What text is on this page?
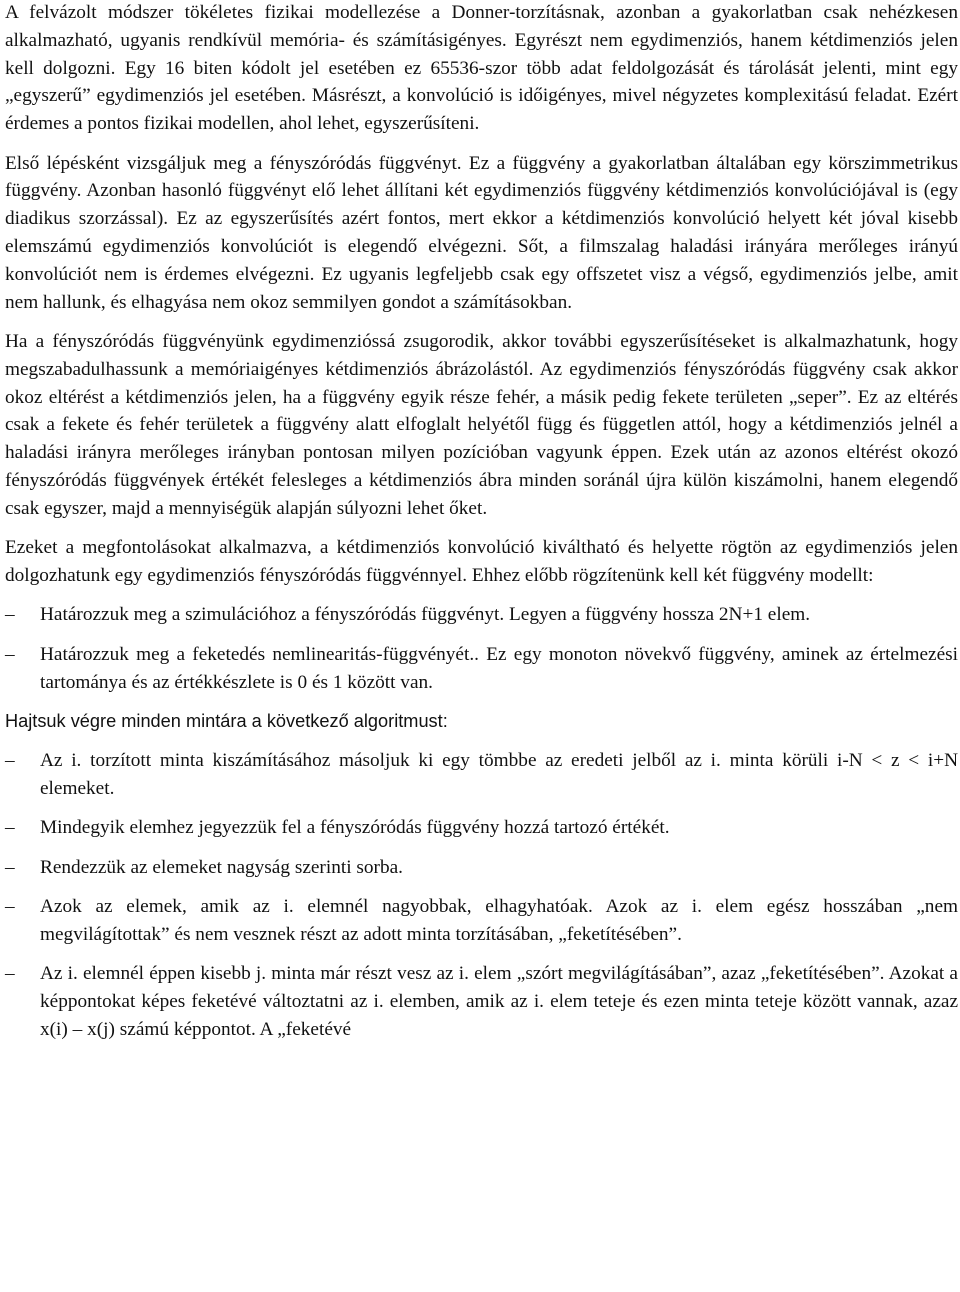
A felvázolt módszer tökéletes fizikai modellezése a Donner-torzításnak, azonban a gyakorlatban csak nehézkesen alkalmazható, ugyanis rendkívül memória- és számításigényes. Egyrészt nem egydimenziós, hanem kétdimenziós jelen kell dolgozni. Egy 16 biten kódolt jel esetében ez 65536-szor több adat feldolgozását és tárolását jelenti, mint egy „egyszerű” egydimenziós jel esetében. Másrészt, a konvolúció is időigényes, mivel négyzetes komplexitású feladat. Ezért érdemes a pontos fizikai modellen, ahol lehet, egyszerűsíteni.

Első lépésként vizsgáljuk meg a fényszóródás függvényt. Ez a függvény a gyakorlatban általában egy körszimmetrikus függvény. Azonban hasonló függvényt elő lehet állítani két egydimenziós függvény kétdimenziós konvolúciójával is (egy diadikus szorzással). Ez az egyszerűsítés azért fontos, mert ekkor a kétdimenziós konvolúció helyett két jóval kisebb elemszámú egydimenziós konvolúciót is elegendő elvégezni. Sőt, a filmszalag haladási irányára merőleges irányú konvolúciót nem is érdemes elvégezni. Ez ugyanis legfeljebb csak egy offszetet visz a végső, egydimenziós jelbe, amit nem hallunk, és elhagyása nem okoz semmilyen gondot a számításokban.

Ha a fényszóródás függvényünk egydimenzióssá zsugorodik, akkor további egyszerűsítéseket is alkalmazhatunk, hogy megszabadulhassunk a memóriaigényes kétdimenziós ábrázolástól. Az egydimenziós fényszóródás függvény csak akkor okoz eltérést a kétdimenziós jelen, ha a függvény egyik része fehér, a másik pedig fekete területen „seper”. Ez az eltérés csak a fekete és fehér területek a függvény alatt elfoglalt helyétől függ és független attól, hogy a kétdimenziós jelnél a haladási irányra merőleges irányban pontosan milyen pozícióban vagyunk éppen. Ezek után az azonos eltérést okozó fényszóródás függvények értékét felesleges a kétdimenziós ábra minden soránál újra külön kiszámolni, hanem elegendő csak egyszer, majd a mennyiségük alapján súlyozni lehet őket.

Ezeket a megfontolásokat alkalmazva, a kétdimenziós konvolúció kiváltható és helyette rögtön az egydimenziós jelen dolgozhatunk egy egydimenziós fényszóródás függvénnyel. Ehhez előbb rögzítenünk kell két függvény modellt:

–	Határozzuk meg a szimulációhoz a fényszóródás függvényt. Legyen a függvény hossza 2N+1 elem.
–	Határozzuk meg a feketedés nemlinearitás-függvényét.. Ez egy monoton növekvő függvény, aminek az értelmezési tartománya és az értékkészlete is 0 és 1 között van.

Hajtsuk végre minden mintára a következő algoritmust:

–	Az i. torzított minta kiszámításához másoljuk ki egy tömbbe az eredeti jelből az i. minta körüli i-N < z < i+N elemeket.
–	Mindegyik elemhez jegyezzük fel a fényszóródás függvény hozzá tartozó értékét.
–	Rendezzük az elemeket nagyság szerinti sorba.
–	Azok az elemek, amik az i. elemnél nagyobbak, elhagyhatóak. Azok az i. elem egész hosszában „nem megvilágítottak” és nem vesznek részt az adott minta torzításában, „feketítésében”.
–	Az i. elemnél éppen kisebb j. minta már részt vesz az i. elem „szórt megvilágításában”, azaz „feketítésében”. Azokat a képpontokat képes feketévé változtatni az i. elemben, amik az i. elem teteje és ezen minta teteje között vannak, azaz x(i) – x(j) számú képpontot. A „feketévé
